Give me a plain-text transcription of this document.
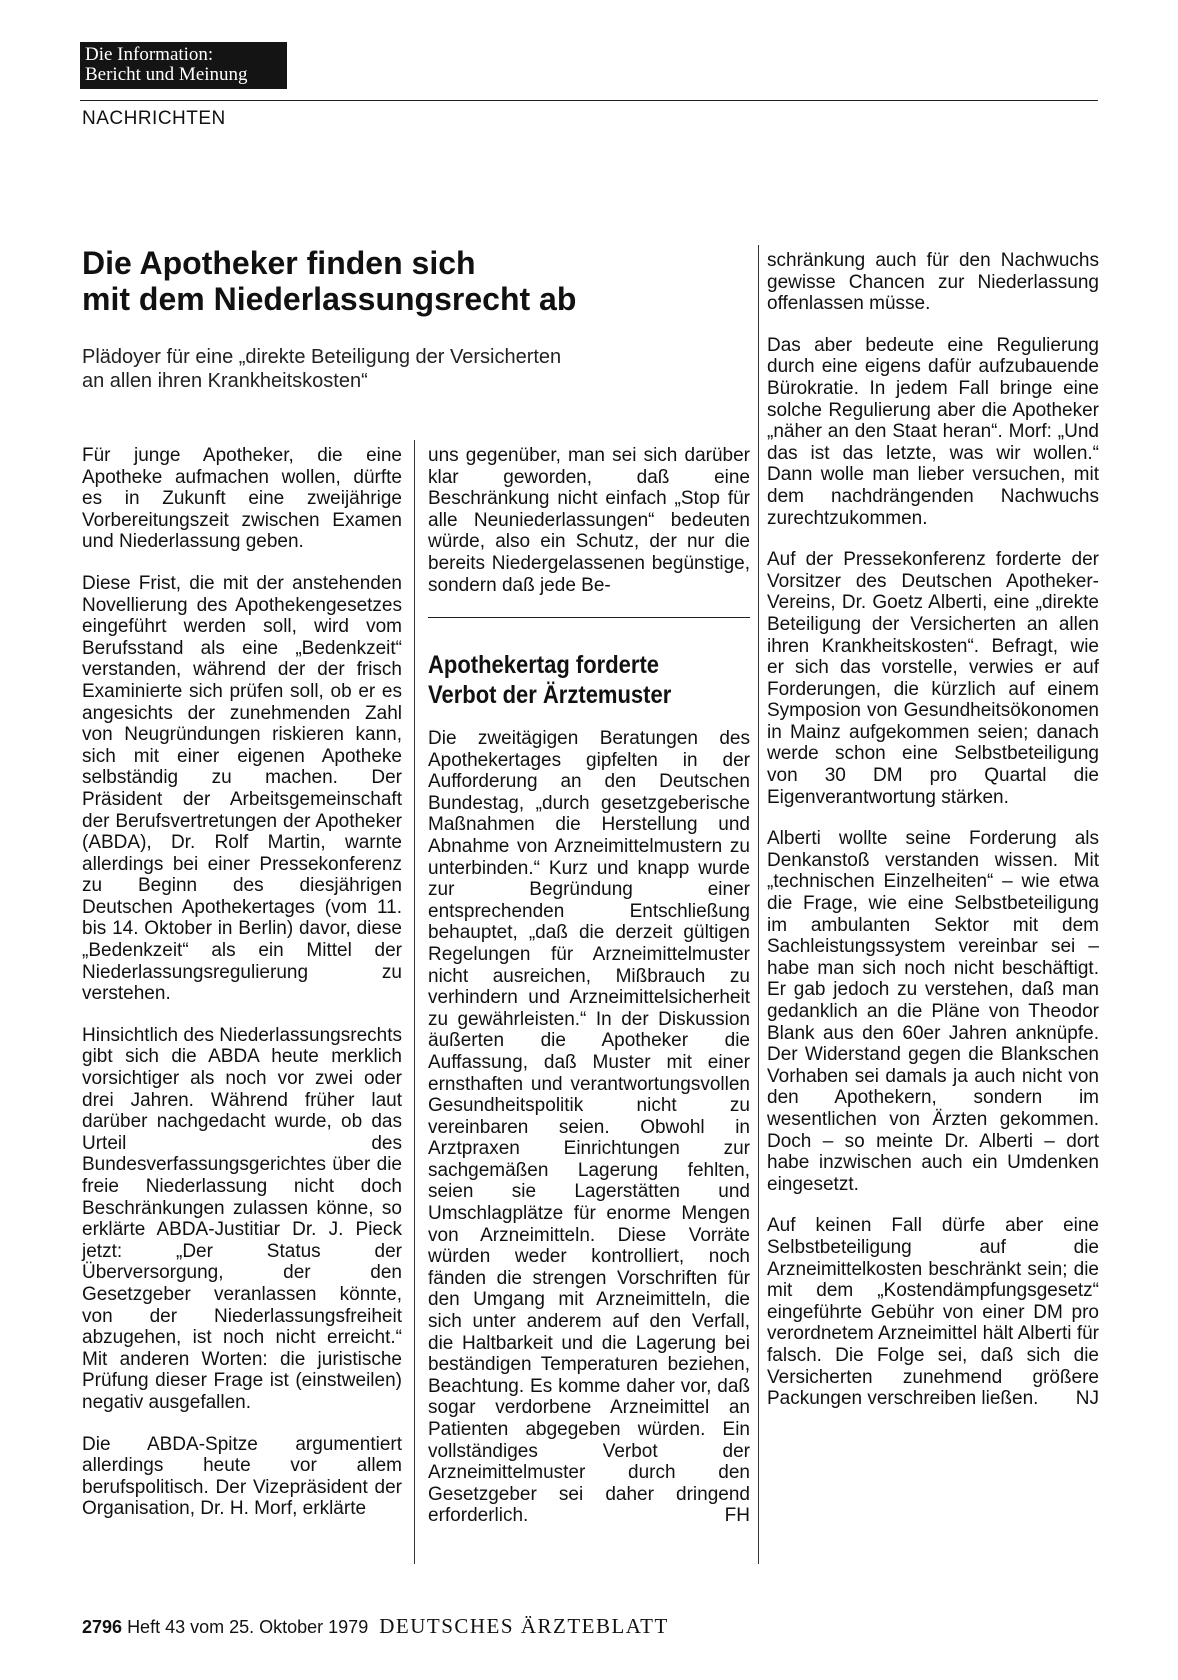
Die Information:
Bericht und Meinung
NACHRICHTEN
Die Apotheker finden sich
mit dem Niederlassungsrecht ab
Plädoyer für eine „direkte Beteiligung der Versicherten
an allen ihren Krankheitskosten“

Für junge Apotheker, die eine Apotheke aufmachen wollen, dürfte es in Zukunft eine zweijährige Vorbereitungszeit zwischen Examen und Niederlassung geben.

Diese Frist, die mit der anstehenden Novellierung des Apothekengesetzes eingeführt werden soll, wird vom Berufsstand als eine „Bedenkzeit“ verstanden, während der der frisch Examinierte sich prüfen soll, ob er es angesichts der zunehmenden Zahl von Neugründungen riskieren kann, sich mit einer eigenen Apotheke selbständig zu machen. Der Präsident der Arbeitsgemeinschaft der Berufsvertretungen der Apotheker (ABDA), Dr. Rolf Martin, warnte allerdings bei einer Pressekonferenz zu Beginn des diesjährigen Deutschen Apothekertages (vom 11. bis 14. Oktober in Berlin) davor, diese „Bedenkzeit“ als ein Mittel der Niederlassungsregulierung zu verstehen.

Hinsichtlich des Niederlassungsrechts gibt sich die ABDA heute merklich vorsichtiger als noch vor zwei oder drei Jahren. Während früher laut darüber nachgedacht wurde, ob das Urteil des Bundesverfassungsgerichtes über die freie Niederlassung nicht doch Beschränkungen zulassen könne, so erklärte ABDA-Justitiar Dr. J. Pieck jetzt: „Der Status der Überversorgung, der den Gesetzgeber veranlassen könnte, von der Niederlassungsfreiheit abzugehen, ist noch nicht erreicht.“ Mit anderen Worten: die juristische Prüfung dieser Frage ist (einstweilen) negativ ausgefallen.

Die ABDA-Spitze argumentiert allerdings heute vor allem berufspolitisch. Der Vizepräsident der Organisation, Dr. H. Morf, erklärte

uns gegenüber, man sei sich darüber klar geworden, daß eine Beschränkung nicht einfach „Stop für alle Neuniederlassungen“ bedeuten würde, also ein Schutz, der nur die bereits Niedergelassenen begünstige, sondern daß jede Be-

Apothekertag forderte
Verbot der Ärztemuster

Die zweitägigen Beratungen des Apothekertages gipfelten in der Aufforderung an den Deutschen Bundestag, „durch gesetzgeberische Maßnahmen die Herstellung und Abnahme von Arzneimittelmustern zu unterbinden.“ Kurz und knapp wurde zur Begründung einer entsprechenden Entschließung behauptet, „daß die derzeit gültigen Regelungen für Arzneimittelmuster nicht ausreichen, Mißbrauch zu verhindern und Arzneimittelsicherheit zu gewährleisten.“ In der Diskussion äußerten die Apotheker die Auffassung, daß Muster mit einer ernsthaften und verantwortungsvollen Gesundheitspolitik nicht zu vereinbaren seien. Obwohl in Arztpraxen Einrichtungen zur sachgemäßen Lagerung fehlten, seien sie Lagerstätten und Umschlagplätze für enorme Mengen von Arzneimitteln. Diese Vorräte würden weder kontrolliert, noch fänden die strengen Vorschriften für den Umgang mit Arzneimitteln, die sich unter anderem auf den Verfall, die Haltbarkeit und die Lagerung bei beständigen Temperaturen beziehen, Beachtung. Es komme daher vor, daß sogar verdorbene Arzneimittel an Patienten abgegeben würden. Ein vollständiges Verbot der Arzneimittelmuster durch den Gesetzgeber sei daher dringend erforderlich.	FH

schränkung auch für den Nachwuchs gewisse Chancen zur Niederlassung offenlassen müsse.

Das aber bedeute eine Regulierung durch eine eigens dafür aufzubauende Bürokratie. In jedem Fall bringe eine solche Regulierung aber die Apotheker „näher an den Staat heran“. Morf: „Und das ist das letzte, was wir wollen.“ Dann wolle man lieber versuchen, mit dem nachdrängenden Nachwuchs zurechtzukommen.

Auf der Pressekonferenz forderte der Vorsitzer des Deutschen Apotheker-Vereins, Dr. Goetz Alberti, eine „direkte Beteiligung der Versicherten an allen ihren Krankheitskosten“. Befragt, wie er sich das vorstelle, verwies er auf Forderungen, die kürzlich auf einem Symposion von Gesundheitsökonomen in Mainz aufgekommen seien; danach werde schon eine Selbstbeteiligung von 30 DM pro Quartal die Eigenverantwortung stärken.

Alberti wollte seine Forderung als Denkanstoß verstanden wissen. Mit „technischen Einzelheiten“ – wie etwa die Frage, wie eine Selbstbeteiligung im ambulanten Sektor mit dem Sachleistungssystem vereinbar sei – habe man sich noch nicht beschäftigt. Er gab jedoch zu verstehen, daß man gedanklich an die Pläne von Theodor Blank aus den 60er Jahren anknüpfe. Der Widerstand gegen die Blankschen Vorhaben sei damals ja auch nicht von den Apothekern, sondern im wesentlichen von Ärzten gekommen. Doch – so meinte Dr. Alberti – dort habe inzwischen auch ein Umdenken eingesetzt.

Auf keinen Fall dürfe aber eine Selbstbeteiligung auf die Arzneimittelkosten beschränkt sein; die mit dem „Kostendämpfungsgesetz“ eingeführte Gebühr von einer DM pro verordnetem Arzneimittel hält Alberti für falsch. Die Folge sei, daß sich die Versicherten zunehmend größere Packungen verschreiben ließen. NJ

2796 Heft 43 vom 25. Oktober 1979 DEUTSCHES ÄRZTEBLATT
